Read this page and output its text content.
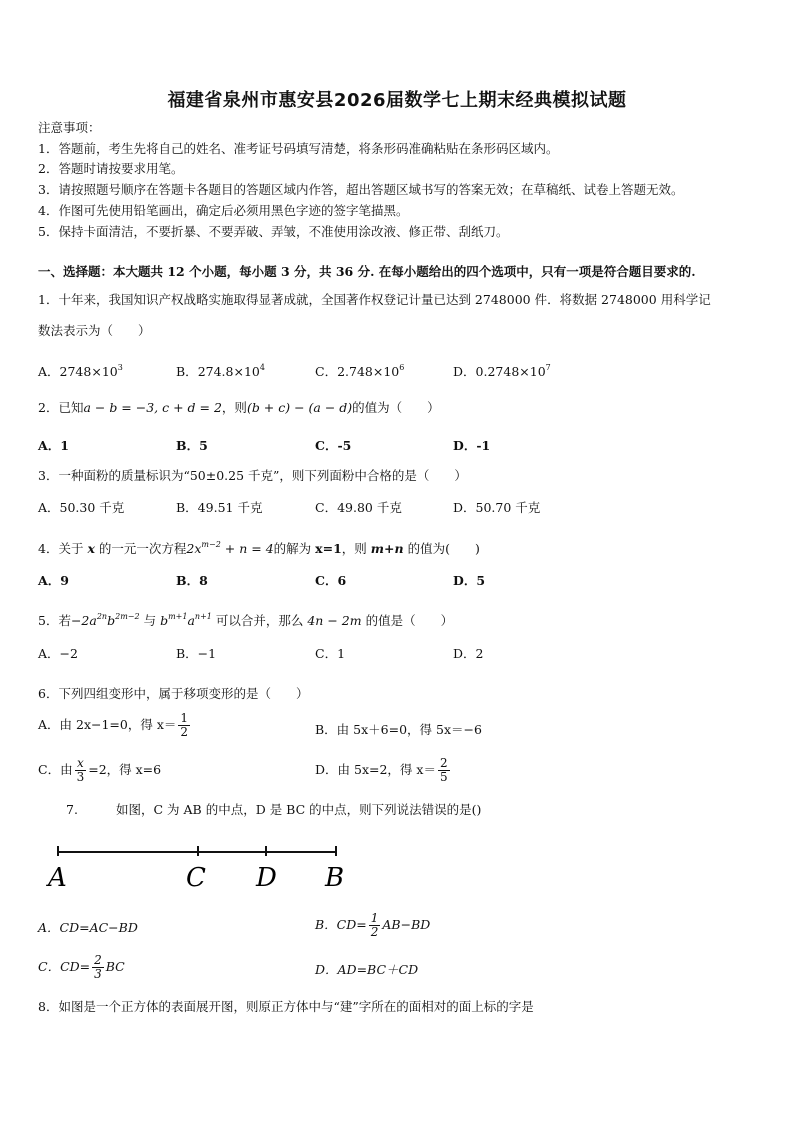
福建省泉州市惠安县2026届数学七上期末经典模拟试题
注意事项：
1．答题前，考生先将自己的姓名、准考证号码填写清楚，将条形码准确粘贴在条形码区域内。
2．答题时请按要求用笔。
3．请按照题号顺序在答题卡各题目的答题区域内作答，超出答题区域书写的答案无效；在草稿纸、试卷上答题无效。
4．作图可先使用铅笔画出，确定后必须用黑色字迹的签字笔描黑。
5．保持卡面清洁，不要折暴、不要弄破、弄皱，不准使用涂改液、修正带、刮纸刀。
一、选择题：本大题共 12 个小题，每小题 3 分，共 36 分. 在每小题给出的四个选项中，只有一项是符合题目要求的.
1．十年来，我国知识产权战略实施取得显著成就，全国著作权登记计量已达到 2748000 件．将数据 2748000 用科学记
数法表示为（　　）
A．$2748\times 10^3$	B．$274.8\times 10^4$	C．$2.748\times 10^6$	D．$0.2748\times 10^7$
2．已知a − b = −3, c + d = 2，则(b + c) − (a − d)的值为（　　）
A．1	B．5	C．-5	D．-1
3．一种面粉的质量标识为“50±0.25 千克”，则下列面粉中合格的是（　　）
A．50.30 千克	B．49.51 千克	C．49.80 千克	D．50.70 千克
4．关于 x 的一元一次方程$2x^{m-2} + n = 4$的解为 x=1，则 m+n 的值为(　　)
A．9	B．8	C．6	D．5
5．若$-2a^{2n}b^{2m-2}$ 与 $b^{m+1}a^{n+1}$ 可以合并，那么 4n − 2m 的值是（　　）
A．−2	B．−1	C．1	D．2
6．下列四组变形中，属于移项变形的是（　　）
A．由 2x−1=0，得 $x= \frac{1}{2}$	B．由 5x＋6=0，得 5x＝−6
C．由 $\frac{x}{3} =2$，得 x=6	D．由 5x=2，得 $x= \frac{2}{5}$
7.	如图，C 为 AB 的中点，D 是 BC 的中点，则下列说法错误的是()
A	C D B
A．CD=AC−BD	B．$CD= \frac{1}{2} AB-BD$
C．$CD= \frac{2}{3}$ BC	D．AD=BC＋CD
8．如图是一个正方体的表面展开图，则原正方体中与“建”字所在的面相对的面上标的字是
